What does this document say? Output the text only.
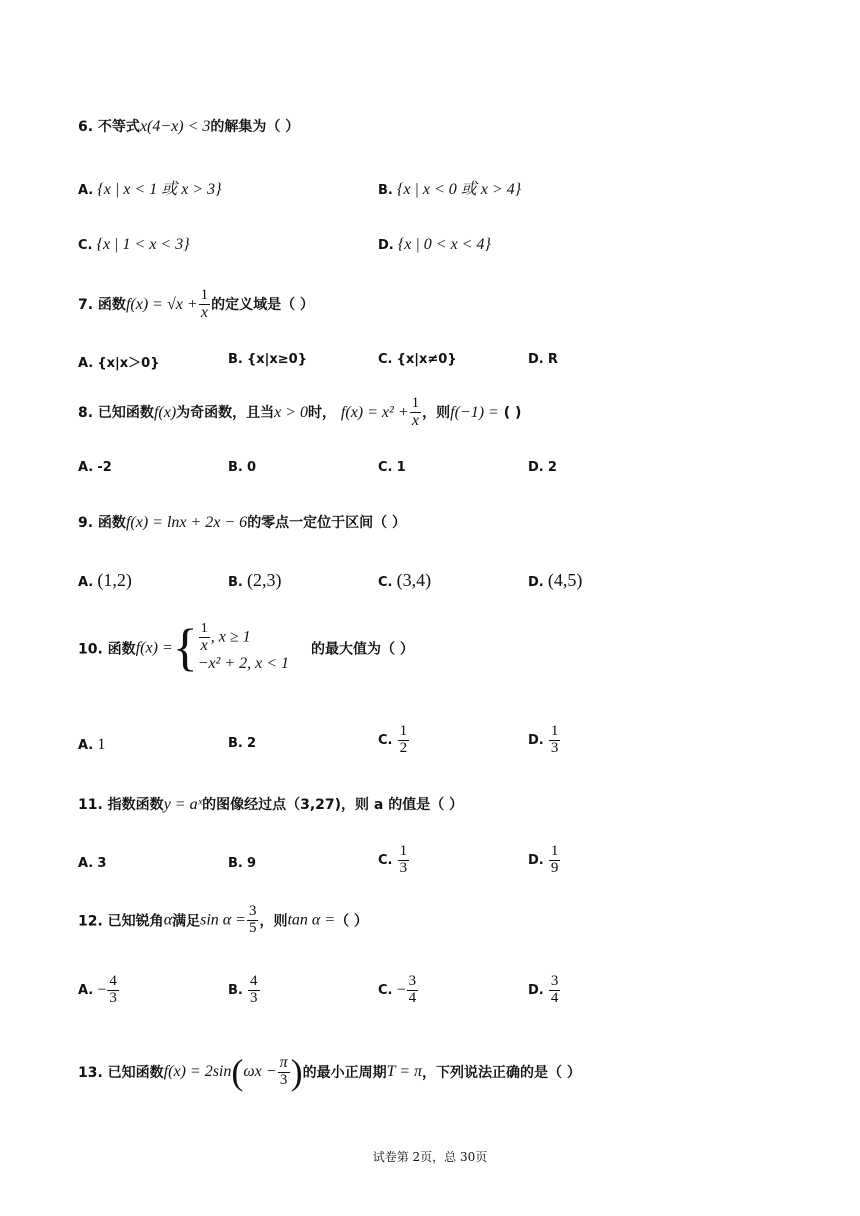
6. 不等式x(4−x) < 3的解集为（ ）
A. {x | x < 1 或 x > 3}	B. {x | x < 0 或 x > 4}
C. {x | 1 < x < 3}	D. {x | 0 < x < 4}
7. 函数$f(x) = √x + \frac{1}{x}$ 的定义域是（ ）
A. {x|x＞0}	B. {x|x≥0}	C. {x|x≠0}	D. R
8. 已知函数f(x)为奇函数，且当x > 0时， $f(x) = x^2 + \frac{1}{x}$ ，则f(−1) = ( )
A. -2	B. 0	C. 1	D. 2
9. 函数f(x) = lnx + 2x − 6的零点一定位于区间（ ）
A. (1,2)	B. (2,3)	C. (3,4)	D. (4,5)
10. 函数f(x) ={ $\frac{1}{x}$ , x ≥ 1
−x² + 2, x < 1
的最大值为（ ）
A. 1	B. 2	C. $\frac{1}{2}$	D. $\frac{1}{3}$
11. 指数函数y = aˣ的图像经过点（3,27)，则 a 的值是（ ）
A. 3	B. 9	C. $\frac{1}{3}$	D. $\frac{1}{9}$
12. 已知锐角α满足$\sin \alpha = \frac{3}{5}$ ，则tan α =（ ）
A. − $\frac{4}{3}$	B. $\frac{4}{3}$	C. − $\frac{3}{4}$	D. $\frac{3}{4}$
13. 已知函数$f(x) = 2\sin(\omega x - \frac{\pi}{3}$ )的最小正周期T = π，下列说法正确的是（ ）
试卷第 2页，总 30页
